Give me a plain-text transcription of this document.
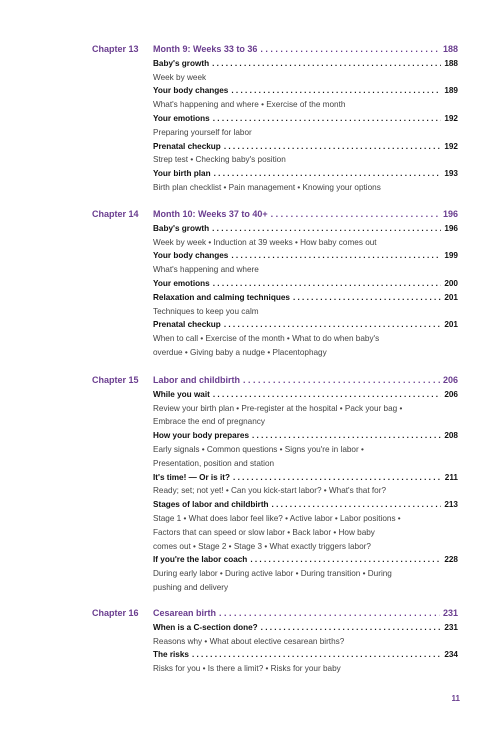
Chapter 13 Month 9: Weeks 33 to 36 . . .	188
Baby's growth . . .	188
Week by week
Your body changes . . .	189
What's happening and where • Exercise of the month
Your emotions . . .	192
Preparing yourself for labor
Prenatal checkup . . .	192
Strep test • Checking baby's position
Your birth plan . . .	193
Birth plan checklist • Pain management • Knowing your options
Chapter 14 Month 10: Weeks 37 to 40+ . . .	196
Baby's growth . . .	196
Week by week • Induction at 39 weeks • How baby comes out
Your body changes . . .	199
What's happening and where
Your emotions . . .	200
Relaxation and calming techniques . . .	201
Techniques to keep you calm
Prenatal checkup . . .	201
When to call • Exercise of the month • What to do when baby's
overdue • Giving baby a nudge • Placentophagy
Chapter 15 Labor and childbirth . . .	206
While you wait . . .	206
Review your birth plan • Pre-register at the hospital • Pack your bag •
Embrace the end of pregnancy
How your body prepares . . .	208
Early signals • Common questions • Signs you're in labor •
Presentation, position and station
It's time! — Or is it? . . .	211
Ready; set; not yet! • Can you kick-start labor? • What's that for?
Stages of labor and childbirth . . .	213
Stage 1 • What does labor feel like? • Active labor • Labor positions •
Factors that can speed or slow labor • Back labor • How baby
comes out • Stage 2 • Stage 3 • What exactly triggers labor?
If you're the labor coach . . .	228
During early labor • During active labor • During transition • During
pushing and delivery
Chapter 16 Cesarean birth . . .	231
When is a C-section done? . . .	231
Reasons why • What about elective cesarean births?
The risks . . .	234
Risks for you • Is there a limit? • Risks for your baby
11
